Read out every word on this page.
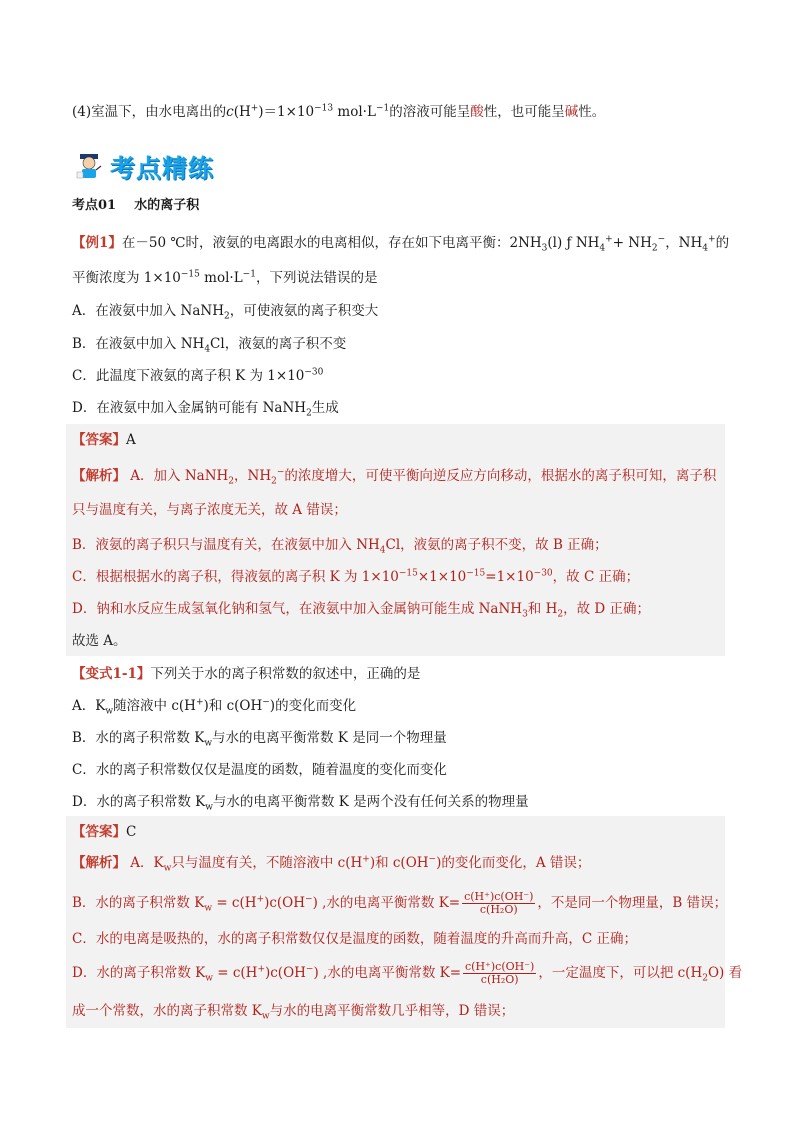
(4)室温下，由水电离出的$c(H^+)=1\times 10^{-13}$ $mol\cdot L^{-1}$的溶液可能呈酸性，也可能呈碱性。
考点精练
考点01 水的离子积
【例1】在－50 ℃时，液氨的电离跟水的电离相似，存在如下电离平衡：$2NH_3(l)$ ƒ $NH_4^++ NH_2^-$，$NH_4^+$的
平衡浓度为 $1\times 10^{-15}$ $mol\cdot L^{-1}$，下列说法错误的是
A．在液氨中加入 NaNH$_2$，可使液氨的离子积变大
B．在液氨中加入 $NH_4Cl$，液氨的离子积不变
C．此温度下液氨的离子积 K 为 $1\times 10^{-30}$
D．在液氨中加入金属钠可能有 NaNH$_2$生成
【答案】A
【解析】 A．加入 NaNH$_2$，$NH_2^-$的浓度增大，可使平衡向逆反应方向移动，根据水的离子积可知，离子积
只与温度有关，与离子浓度无关，故 A 错误；
B．液氨的离子积只与温度有关，在液氨中加入 $NH_4Cl$，液氨的离子积不变，故 B 正确；
C．根据根据水的离子积，得液氨的离子积 K 为 $1\times 10^{-15}\times 1\times 10^{-15}=1\times 10^{-30}$，故 C 正确；
D．钠和水反应生成氢氧化钠和氢气，在液氨中加入金属钠可能生成 NaNH$_3$和 $H_2$，故 D 正确；
故选 A。
【变式1-1】下列关于水的离子积常数的叙述中，正确的是
A．$K_w$随溶液中 c(H+)和 c(OH−)的变化而变化
B．水的离子积常数 $K_w$与水的电离平衡常数 K 是同一个物理量
C．水的离子积常数仅仅是温度的函数，随着温度的变化而变化
D．水的离子积常数 $K_w$与水的电离平衡常数 K 是两个没有任何关系的物理量
【答案】C
【解析】 A．$K_w$只与温度有关，不随溶液中 c(H+)和 c(OH−)的变化而变化，A 错误；
B．水的离子积常数 $K_w = c(H^+)c(OH^-)$ ,水的电离平衡常数 $K= \frac{c(H^+)c(OH^-)}{\text{c(H₂O)}}$ ，不是同一个物理量，B 错误；
C．水的电离是吸热的，水的离子积常数仅仅是温度的函数，随着温度的升高而升高，C 正确；
D．水的离子积常数 $K_w = c(H^+)c(OH^-)$ ,水的电离平衡常数 $K= \frac{c(H^+)c(OH^-)}{\text{c(H₂O)}}$ ，一定温度下，可以把 $c(H_2O)$ 看
成一个常数，水的离子积常数 $K_w$与水的电离平衡常数几乎相等，D 错误；
